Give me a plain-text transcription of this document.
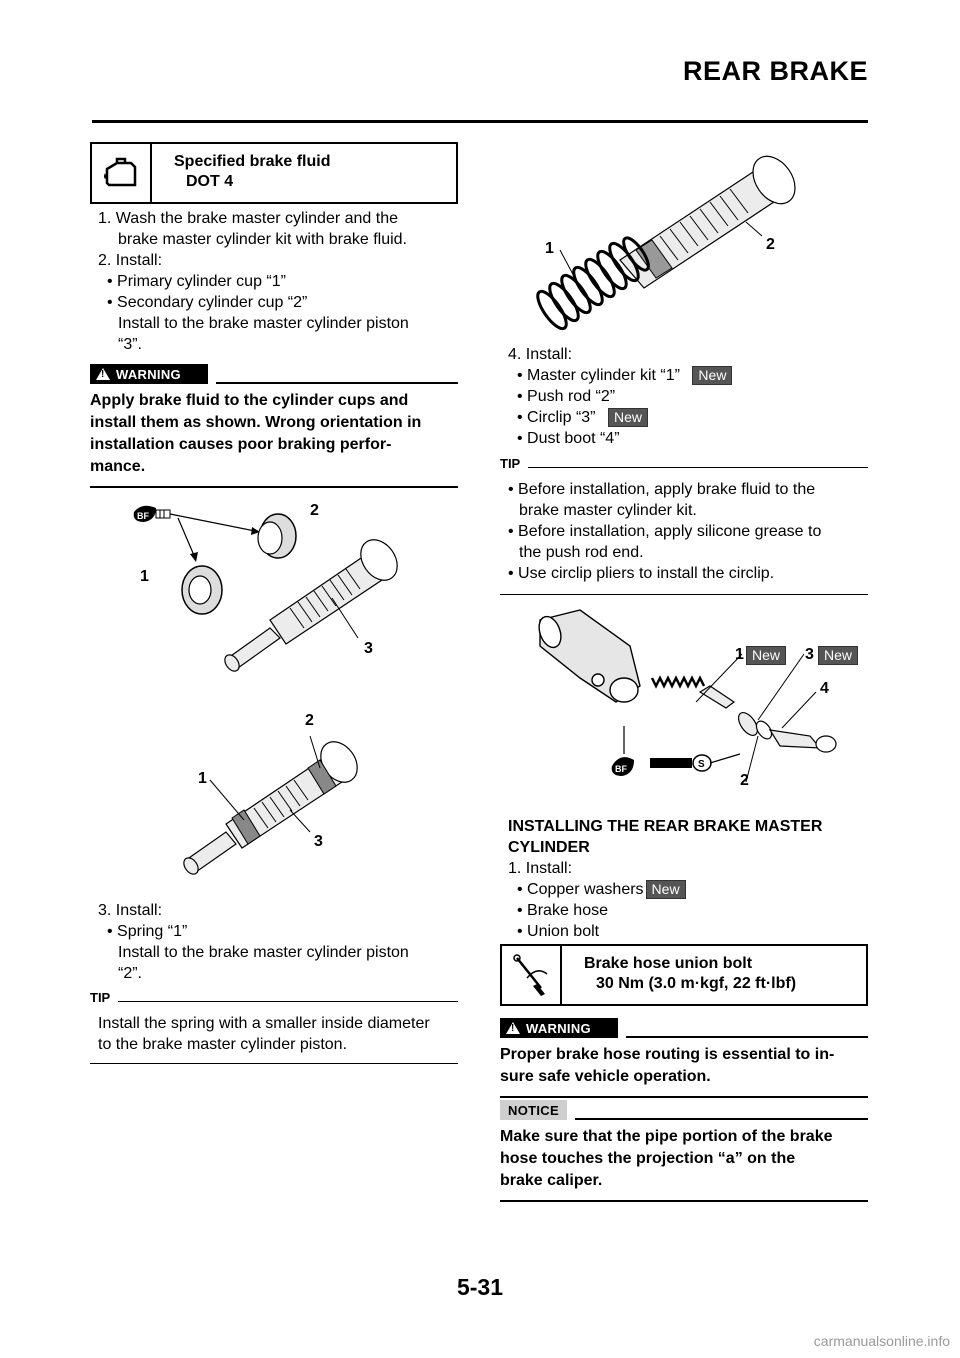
REAR BRAKE
Specified brake fluid
DOT 4
1. Wash the brake master cylinder and the
brake master cylinder kit with brake fluid.
2. Install:
• Primary cylinder cup “1”
• Secondary cylinder cup “2”
Install to the brake master cylinder piston
“3”.
!
WARNING
Apply brake fluid to the cylinder cups and
install them as shown. Wrong orientation in
installation causes poor braking perfor-
mance.
BF	2
1
3
2
1
3
3. Install:
• Spring “1”
Install to the brake master cylinder piston
“2”.
TIP
Install the spring with a smaller inside diameter
to the brake master cylinder piston.
1	2
4. Install:
• Master cylinder kit “1” New
• Push rod “2”
• Circlip “3” New
• Dust boot “4”
TIP
• Before installation, apply brake fluid to the
brake master cylinder kit.
• Before installation, apply silicone grease to
the push rod end.
• Use circlip pliers to install the circlip.
BF	S
1 New	3 New
4
2
INSTALLING THE REAR BRAKE MASTER
CYLINDER
1. Install:
• Copper washers New
• Brake hose
• Union bolt
Brake hose union bolt
30 Nm (3.0 m·kgf, 22 ft·lbf)
!
WARNING
Proper brake hose routing is essential to in-
sure safe vehicle operation.
NOTICE
Make sure that the pipe portion of the brake
hose touches the projection “a” on the
brake caliper.
5-31
carmanualsonline.info
